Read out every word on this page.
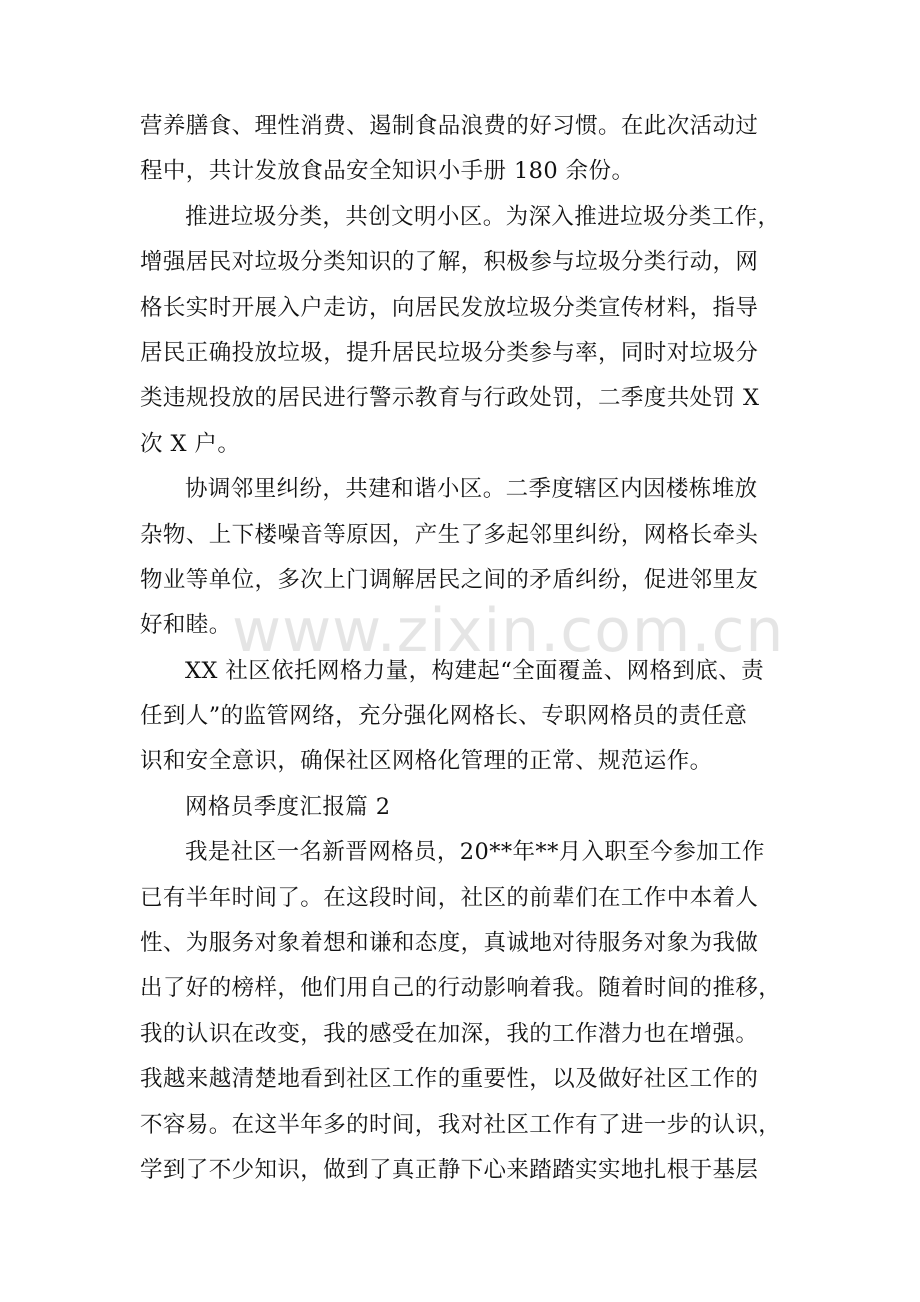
营养膳食、理性消费、遏制食品浪费的好习惯。在此次活动过
程中，共计发放食品安全知识小手册 180 余份。
推进垃圾分类，共创文明小区。为深入推进垃圾分类工作，
增强居民对垃圾分类知识的了解，积极参与垃圾分类行动，网
格长实时开展入户走访，向居民发放垃圾分类宣传材料，指导
居民正确投放垃圾，提升居民垃圾分类参与率，同时对垃圾分
类违规投放的居民进行警示教育与行政处罚，二季度共处罚 X
次 X 户。
协调邻里纠纷，共建和谐小区。二季度辖区内因楼栋堆放
杂物、上下楼噪音等原因，产生了多起邻里纠纷，网格长牵头
物业等单位，多次上门调解居民之间的矛盾纠纷，促进邻里友
好和睦。
XX 社区依托网格力量，构建起“全面覆盖、网格到底、责
任到人”的监管网络，充分强化网格长、专职网格员的责任意
识和安全意识，确保社区网格化管理的正常、规范运作。
网格员季度汇报篇 2
我是社区一名新晋网格员，20**年**月入职至今参加工作
已有半年时间了。在这段时间，社区的前辈们在工作中本着人
性、为服务对象着想和谦和态度，真诚地对待服务对象为我做
出了好的榜样，他们用自己的行动影响着我。随着时间的推移，
我的认识在改变，我的感受在加深，我的工作潜力也在增强。
我越来越清楚地看到社区工作的重要性，以及做好社区工作的
不容易。在这半年多的时间，我对社区工作有了进一步的认识，
学到了不少知识，做到了真正静下心来踏踏实实地扎根于基层
www.zixin.com.cn
